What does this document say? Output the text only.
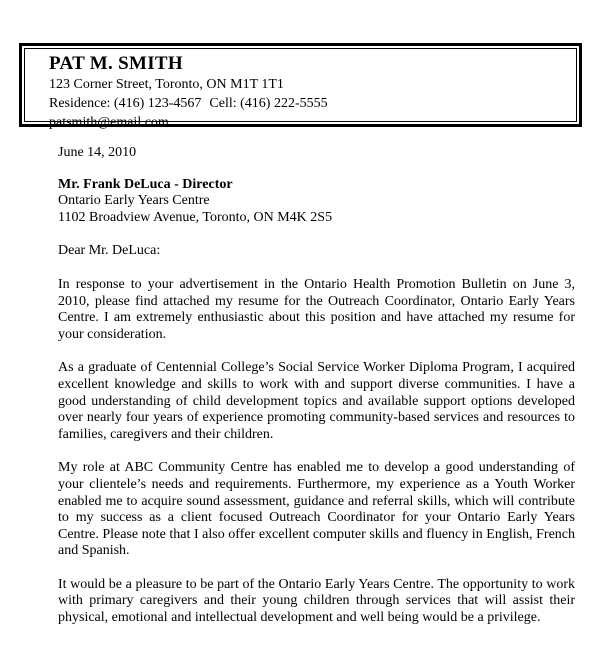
PAT M. SMITH
123 Corner Street, Toronto, ON M1T 1T1
Residence: (416) 123-4567 Cell: (416) 222-5555
patsmith@email.com
June 14, 2010
Mr. Frank DeLuca - Director
Ontario Early Years Centre
1102 Broadview Avenue, Toronto, ON M4K 2S5
Dear Mr. DeLuca:
In response to your advertisement in the Ontario Health Promotion Bulletin on June 3, 2010, please find attached my resume for the Outreach Coordinator, Ontario Early Years Centre. I am extremely enthusiastic about this position and have attached my resume for your consideration.
As a graduate of Centennial College’s Social Service Worker Diploma Program, I acquired excellent knowledge and skills to work with and support diverse communities. I have a good understanding of child development topics and available support options developed over nearly four years of experience promoting community-based services and resources to families, caregivers and their children.
My role at ABC Community Centre has enabled me to develop a good understanding of your clientele’s needs and requirements. Furthermore, my experience as a Youth Worker enabled me to acquire sound assessment, guidance and referral skills, which will contribute to my success as a client focused Outreach Coordinator for your Ontario Early Years Centre. Please note that I also offer excellent computer skills and fluency in English, French and Spanish.
It would be a pleasure to be part of the Ontario Early Years Centre. The opportunity to work with primary caregivers and their young children through services that will assist their physical, emotional and intellectual development and well being would be a privilege.
